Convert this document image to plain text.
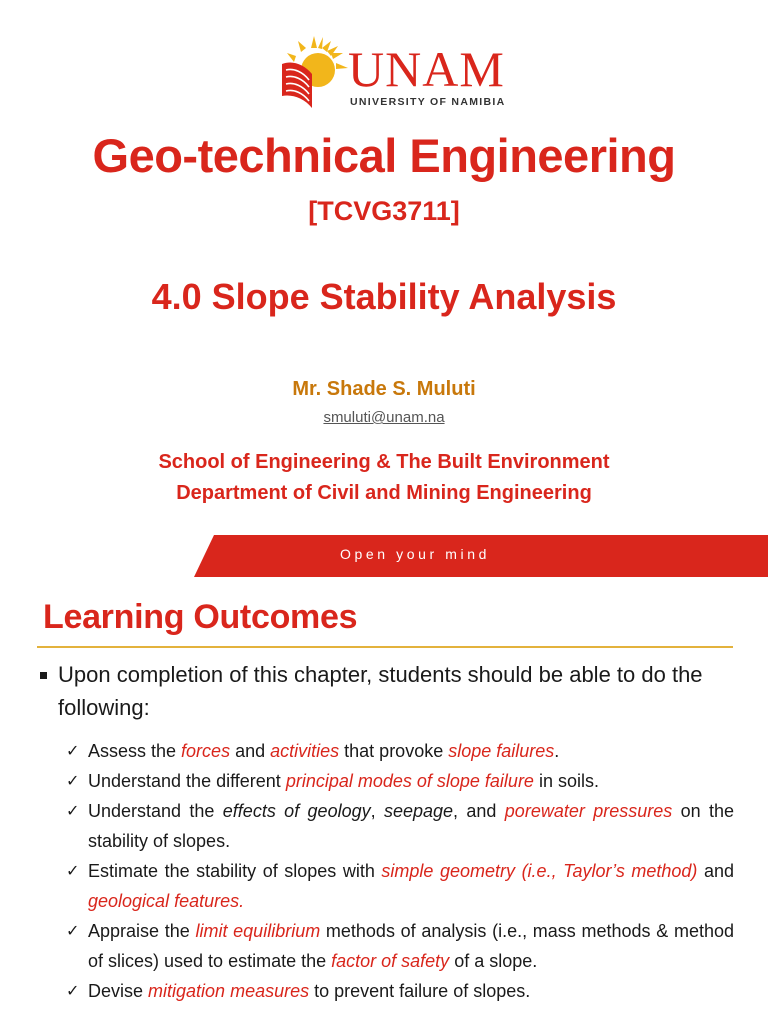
UNAM
UNIVERSITY OF NAMIBIA
Geo-technical Engineering
[TCVG3711]
4.0 Slope Stability Analysis
Mr. Shade S. Muluti
smuluti@unam.na
School of Engineering & The Built Environment
Department of Civil and Mining Engineering
Open your mind
Learning Outcomes
Upon completion of this chapter, students should be able to do the following:
✓ Assess the forces and activities that provoke slope failures.
✓ Understand the different principal modes of slope failure in soils.
✓ Understand the effects of geology, seepage, and porewater pressures on the stability of slopes.
✓ Estimate the stability of slopes with simple geometry (i.e., Taylor’s method) and geological features.
✓ Appraise the limit equilibrium methods of analysis (i.e., mass methods & method of slices) used to estimate the factor of safety of a slope.
✓ Devise mitigation measures to prevent failure of slopes.
